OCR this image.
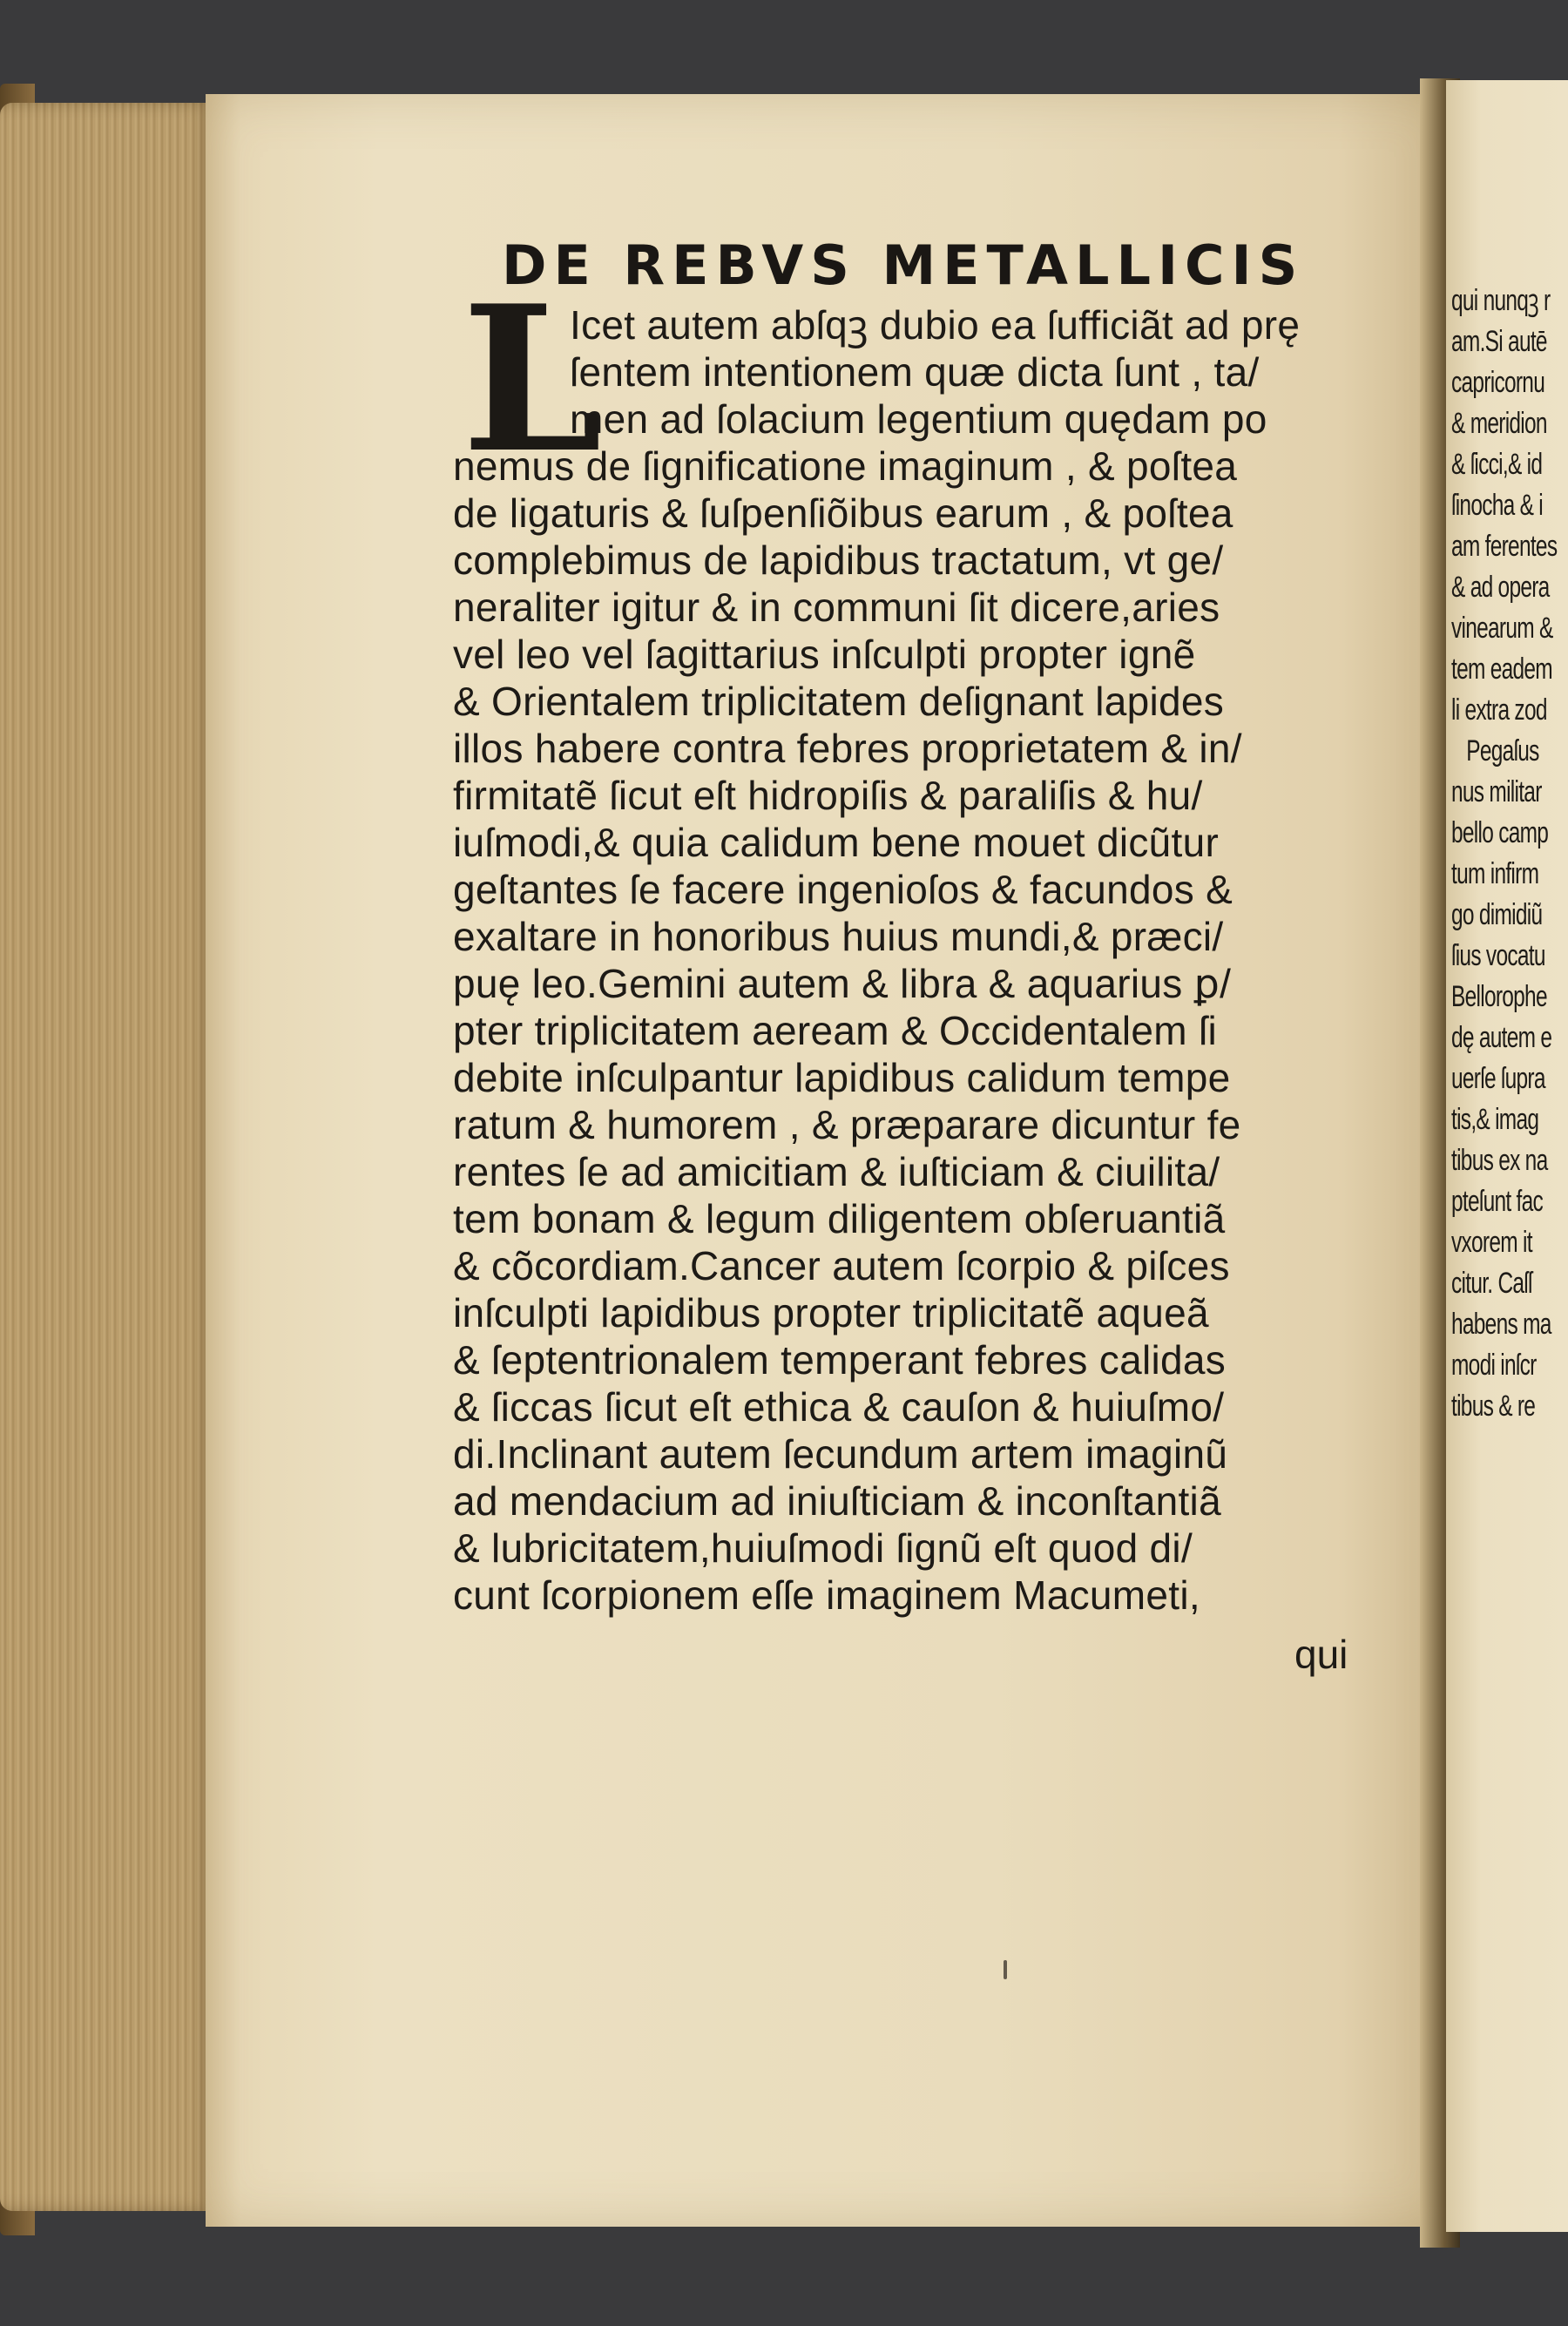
qui nunqꝫ r
am.Si autē
capricornu
& meridion
& ſicci,& id
ſinocha & i
am ferentes
& ad opera
vinearum &
tem eadem
li extra zod
Pegaſus
nus militar
bello camp
tum infirm
go dimidiũ
ſius vocatu
Bellorophe
dę autem e
uerſe ſupra
tis,& imag
tibus ex na
pteſunt fac
vxorem it
citur. Caſſ
habens ma
modi inſcr
tibus & re
DE REBVS METALLICIS
L
Icet autem abſqꝫ dubio ea ſufficiãt ad prę
ſentem intentionem quæ dicta ſunt , ta/
men ad ſolacium legentium quędam po
nemus de ſignificatione imaginum , & poſtea
de ligaturis & ſuſpenſiõibus earum , & poſtea
complebimus de lapidibus tractatum, vt ge/
neraliter igitur & in communi ſit dicere,aries
vel leo vel ſagittarius inſculpti propter ignẽ
& Orientalem triplicitatem deſignant lapides
illos habere contra febres proprietatem & in/
firmitatẽ ſicut eſt hidropiſis & paraliſis & hu/
iuſmodi,& quia calidum bene mouet dicũtur
geſtantes ſe facere ingenioſos & facundos &
exaltare in honoribus huius mundi,& præci/
puę leo.Gemini autem & libra & aquarius ꝑ/
pter triplicitatem aeream & Occidentalem ſi
debite inſculpantur lapidibus calidum tempe
ratum & humorem , & præparare dicuntur fe
rentes ſe ad amicitiam & iuſticiam & ciuilita/
tem bonam & legum diligentem obſeruantiã
& cõcordiam.Cancer autem ſcorpio & piſces
inſculpti lapidibus propter triplicitatẽ aqueã
& ſeptentrionalem temperant febres calidas
& ſiccas ſicut eſt ethica & cauſon & huiuſmo/
di.Inclinant autem ſecundum artem imaginũ
ad mendacium ad iniuſticiam & inconſtantiã
& lubricitatem,huiuſmodi ſignũ eſt quod di/
cunt ſcorpionem eſſe imaginem Macumeti,
qui
